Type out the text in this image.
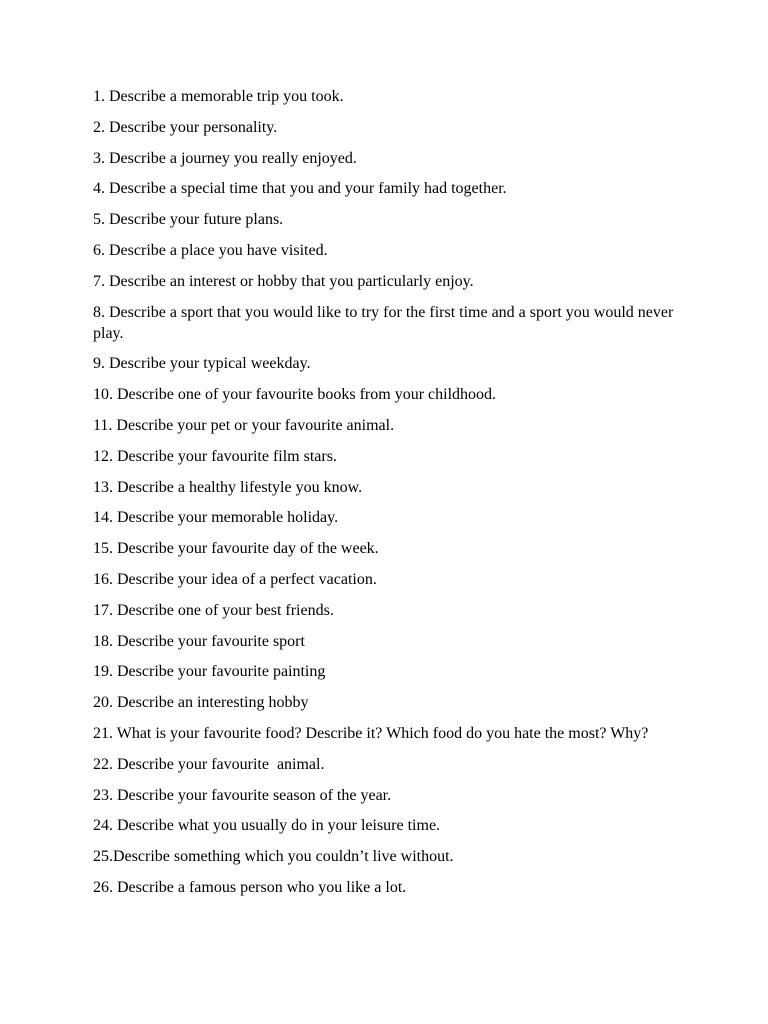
1. Describe a memorable trip you took.
2. Describe your personality.
3. Describe a journey you really enjoyed.
4. Describe a special time that you and your family had together.
5. Describe your future plans.
6. Describe a place you have visited.
7. Describe an interest or hobby that you particularly enjoy.
8. Describe a sport that you would like to try for the first time and a sport you would never play.
9. Describe your typical weekday.
10. Describe one of your favourite books from your childhood.
11. Describe your pet or your favourite animal.
12. Describe your favourite film stars.
13. Describe a healthy lifestyle you know.
14. Describe your memorable holiday.
15. Describe your favourite day of the week.
16. Describe your idea of a perfect vacation.
17. Describe one of your best friends.
18. Describe your favourite sport
19. Describe your favourite painting
20. Describe an interesting hobby
21. What is your favourite food? Describe it? Which food do you hate the most? Why?
22. Describe your favourite  animal.
23. Describe your favourite season of the year.
24. Describe what you usually do in your leisure time.
25.Describe something which you couldn’t live without.
26. Describe a famous person who you like a lot.
